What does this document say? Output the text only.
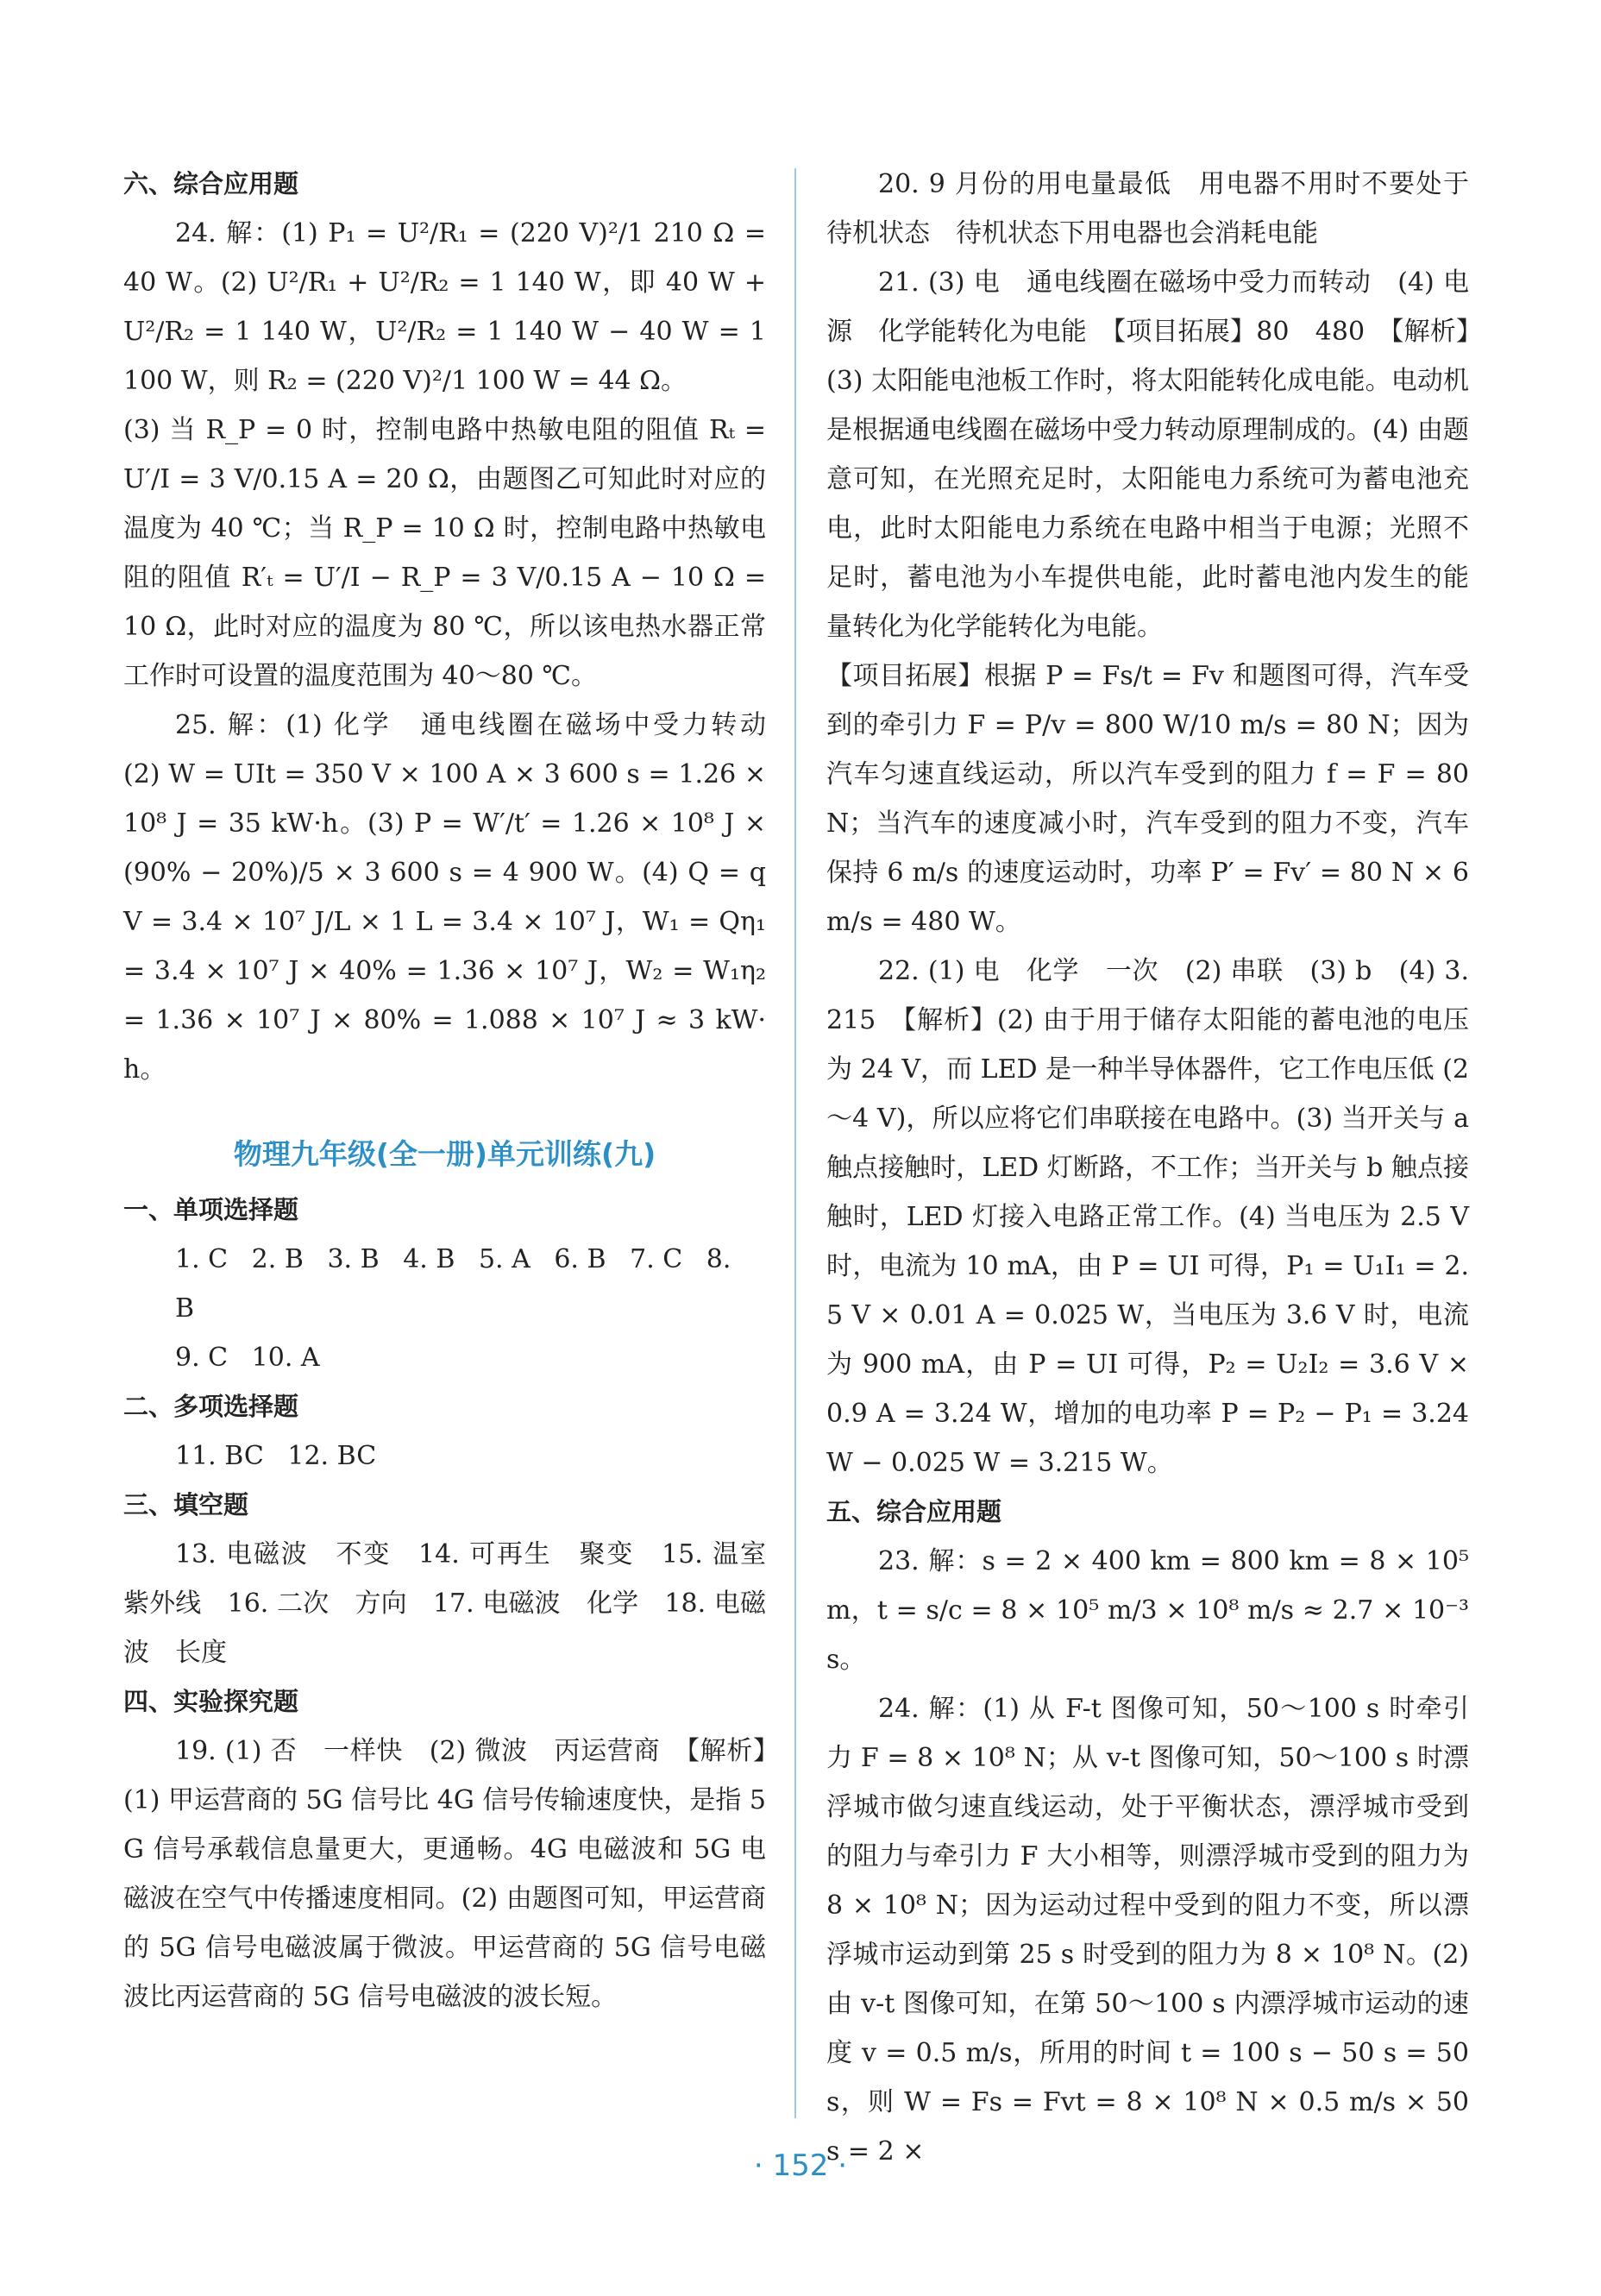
六、综合应用题

24. 解：(1) P₁ = U²/R₁ = (220 V)²/1 210 Ω = 40 W。(2) U²/R₁ + U²/R₂ = 1 140 W，即 40 W + U²/R₂ = 1 140 W，U²/R₂ = 1 140 W − 40 W = 1 100 W，则 R₂ = (220 V)²/1 100 W = 44 Ω。

(3) 当 R_P = 0 时，控制电路中热敏电阻的阻值 Rₜ = U′/I = 3 V/0.15 A = 20 Ω，由题图乙可知此时对应的温度为 40 ℃；当 R_P = 10 Ω 时，控制电路中热敏电阻的阻值 R′ₜ = U′/I − R_P = 3 V/0.15 A − 10 Ω = 10 Ω，此时对应的温度为 80 ℃，所以该电热水器正常工作时可设置的温度范围为 40～80 ℃。

25. 解：(1) 化学　通电线圈在磁场中受力转动　(2) W = UIt = 350 V × 100 A × 3 600 s = 1.26 × 10⁸ J = 35 kW·h。(3) P = W′/t′ = 1.26 × 10⁸ J × (90% − 20%)/5 × 3 600 s = 4 900 W。(4) Q = qV = 3.4 × 10⁷ J/L × 1 L = 3.4 × 10⁷ J，W₁ = Qη₁ = 3.4 × 10⁷ J × 40% = 1.36 × 10⁷ J，W₂ = W₁η₂ = 1.36 × 10⁷ J × 80% = 1.088 × 10⁷ J ≈ 3 kW·h。

物理九年级(全一册)单元训练(九)

一、单项选择题

1. C 2. B 3. B 4. B 5. A 6. B 7. C 8. B

9. C 10. A

二、多项选择题

11. BC 12. BC

三、填空题

13. 电磁波　不变　14. 可再生　聚变　15. 温室　紫外线　16. 二次　方向　17. 电磁波　化学　18. 电磁波　长度

四、实验探究题

19. (1) 否　一样快　(2) 微波　丙运营商　【解析】(1) 甲运营商的 5G 信号比 4G 信号传输速度快，是指 5G 信号承载信息量更大，更通畅。4G 电磁波和 5G 电磁波在空气中传播速度相同。(2) 由题图可知，甲运营商的 5G 信号电磁波属于微波。甲运营商的 5G 信号电磁波比丙运营商的 5G 信号电磁波的波长短。

20. 9 月份的用电量最低　用电器不用时不要处于待机状态　待机状态下用电器也会消耗电能

21. (3) 电　通电线圈在磁场中受力而转动　(4) 电源　化学能转化为电能　【项目拓展】80　480　【解析】(3) 太阳能电池板工作时，将太阳能转化成电能。电动机是根据通电线圈在磁场中受力转动原理制成的。(4) 由题意可知，在光照充足时，太阳能电力系统可为蓄电池充电，此时太阳能电力系统在电路中相当于电源；光照不足时，蓄电池为小车提供电能，此时蓄电池内发生的能量转化为化学能转化为电能。

【项目拓展】根据 P = Fs/t = Fv 和题图可得，汽车受到的牵引力 F = P/v = 800 W/10 m/s = 80 N；因为汽车匀速直线运动，所以汽车受到的阻力 f = F = 80 N；当汽车的速度减小时，汽车受到的阻力不变，汽车保持 6 m/s 的速度运动时，功率 P′ = Fv′ = 80 N × 6 m/s = 480 W。

22. (1) 电　化学　一次　(2) 串联　(3) b　(4) 3.215　【解析】(2) 由于用于储存太阳能的蓄电池的电压为 24 V，而 LED 是一种半导体器件，它工作电压低 (2～4 V)，所以应将它们串联接在电路中。(3) 当开关与 a 触点接触时，LED 灯断路，不工作；当开关与 b 触点接触时，LED 灯接入电路正常工作。(4) 当电压为 2.5 V 时，电流为 10 mA，由 P = UI 可得，P₁ = U₁I₁ = 2.5 V × 0.01 A = 0.025 W，当电压为 3.6 V 时，电流为 900 mA，由 P = UI 可得，P₂ = U₂I₂ = 3.6 V × 0.9 A = 3.24 W，增加的电功率 P = P₂ − P₁ = 3.24 W − 0.025 W = 3.215 W。

五、综合应用题

23. 解：s = 2 × 400 km = 800 km = 8 × 10⁵ m，t = s/c = 8 × 10⁵ m/3 × 10⁸ m/s ≈ 2.7 × 10⁻³ s。

24. 解：(1) 从 F-t 图像可知，50～100 s 时牵引力 F = 8 × 10⁸ N；从 v-t 图像可知，50～100 s 时漂浮城市做匀速直线运动，处于平衡状态，漂浮城市受到的阻力与牵引力 F 大小相等，则漂浮城市受到的阻力为 8 × 10⁸ N；因为运动过程中受到的阻力不变，所以漂浮城市运动到第 25 s 时受到的阻力为 8 × 10⁸ N。(2) 由 v-t 图像可知，在第 50～100 s 内漂浮城市运动的速度 v = 0.5 m/s，所用的时间 t = 100 s − 50 s = 50 s，则 W = Fs = Fvt = 8 × 10⁸ N × 0.5 m/s × 50 s = 2 ×

· 152 ·
